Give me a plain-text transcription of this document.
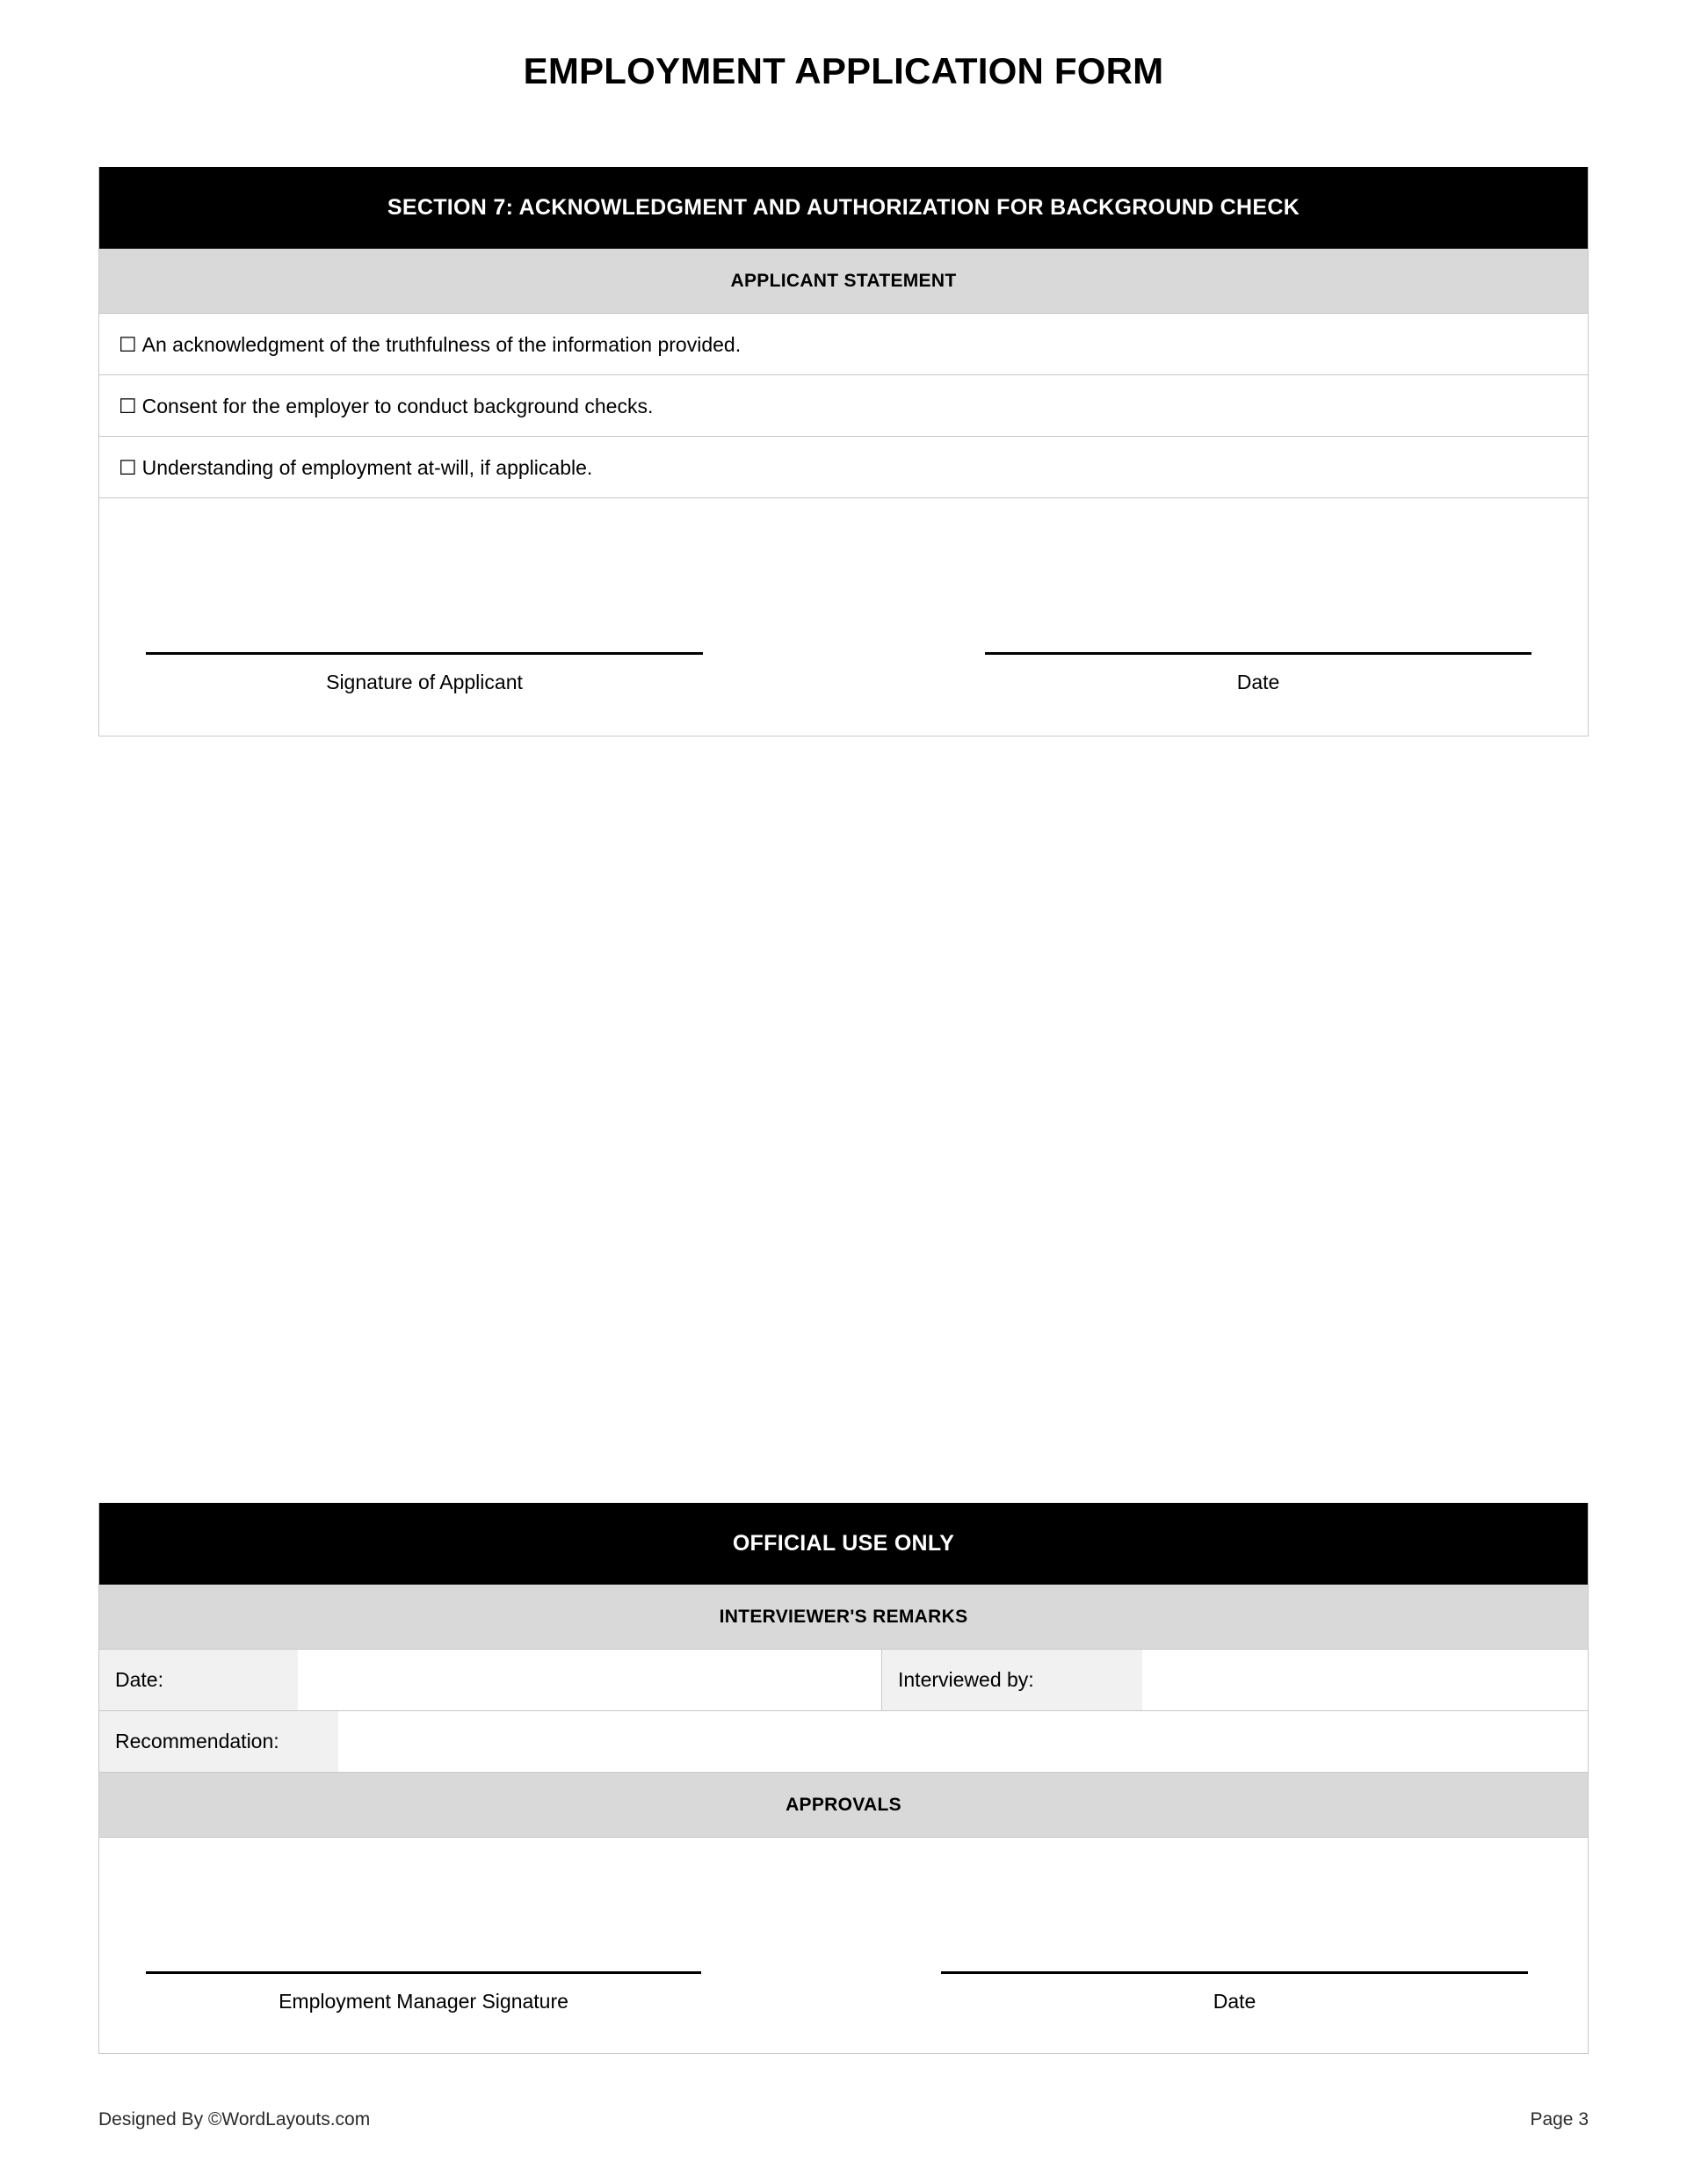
EMPLOYMENT APPLICATION FORM
SECTION 7: ACKNOWLEDGMENT AND AUTHORIZATION FOR BACKGROUND CHECK
APPLICANT STATEMENT
☐ An acknowledgment of the truthfulness of the information provided.
☐ Consent for the employer to conduct background checks.
☐ Understanding of employment at-will, if applicable.
Signature of Applicant	Date
OFFICIAL USE ONLY
INTERVIEWER'S REMARKS
Date:	Interviewed by:
Recommendation:
APPROVALS
Employment Manager Signature	Date
Designed By ©WordLayouts.com	Page 3
